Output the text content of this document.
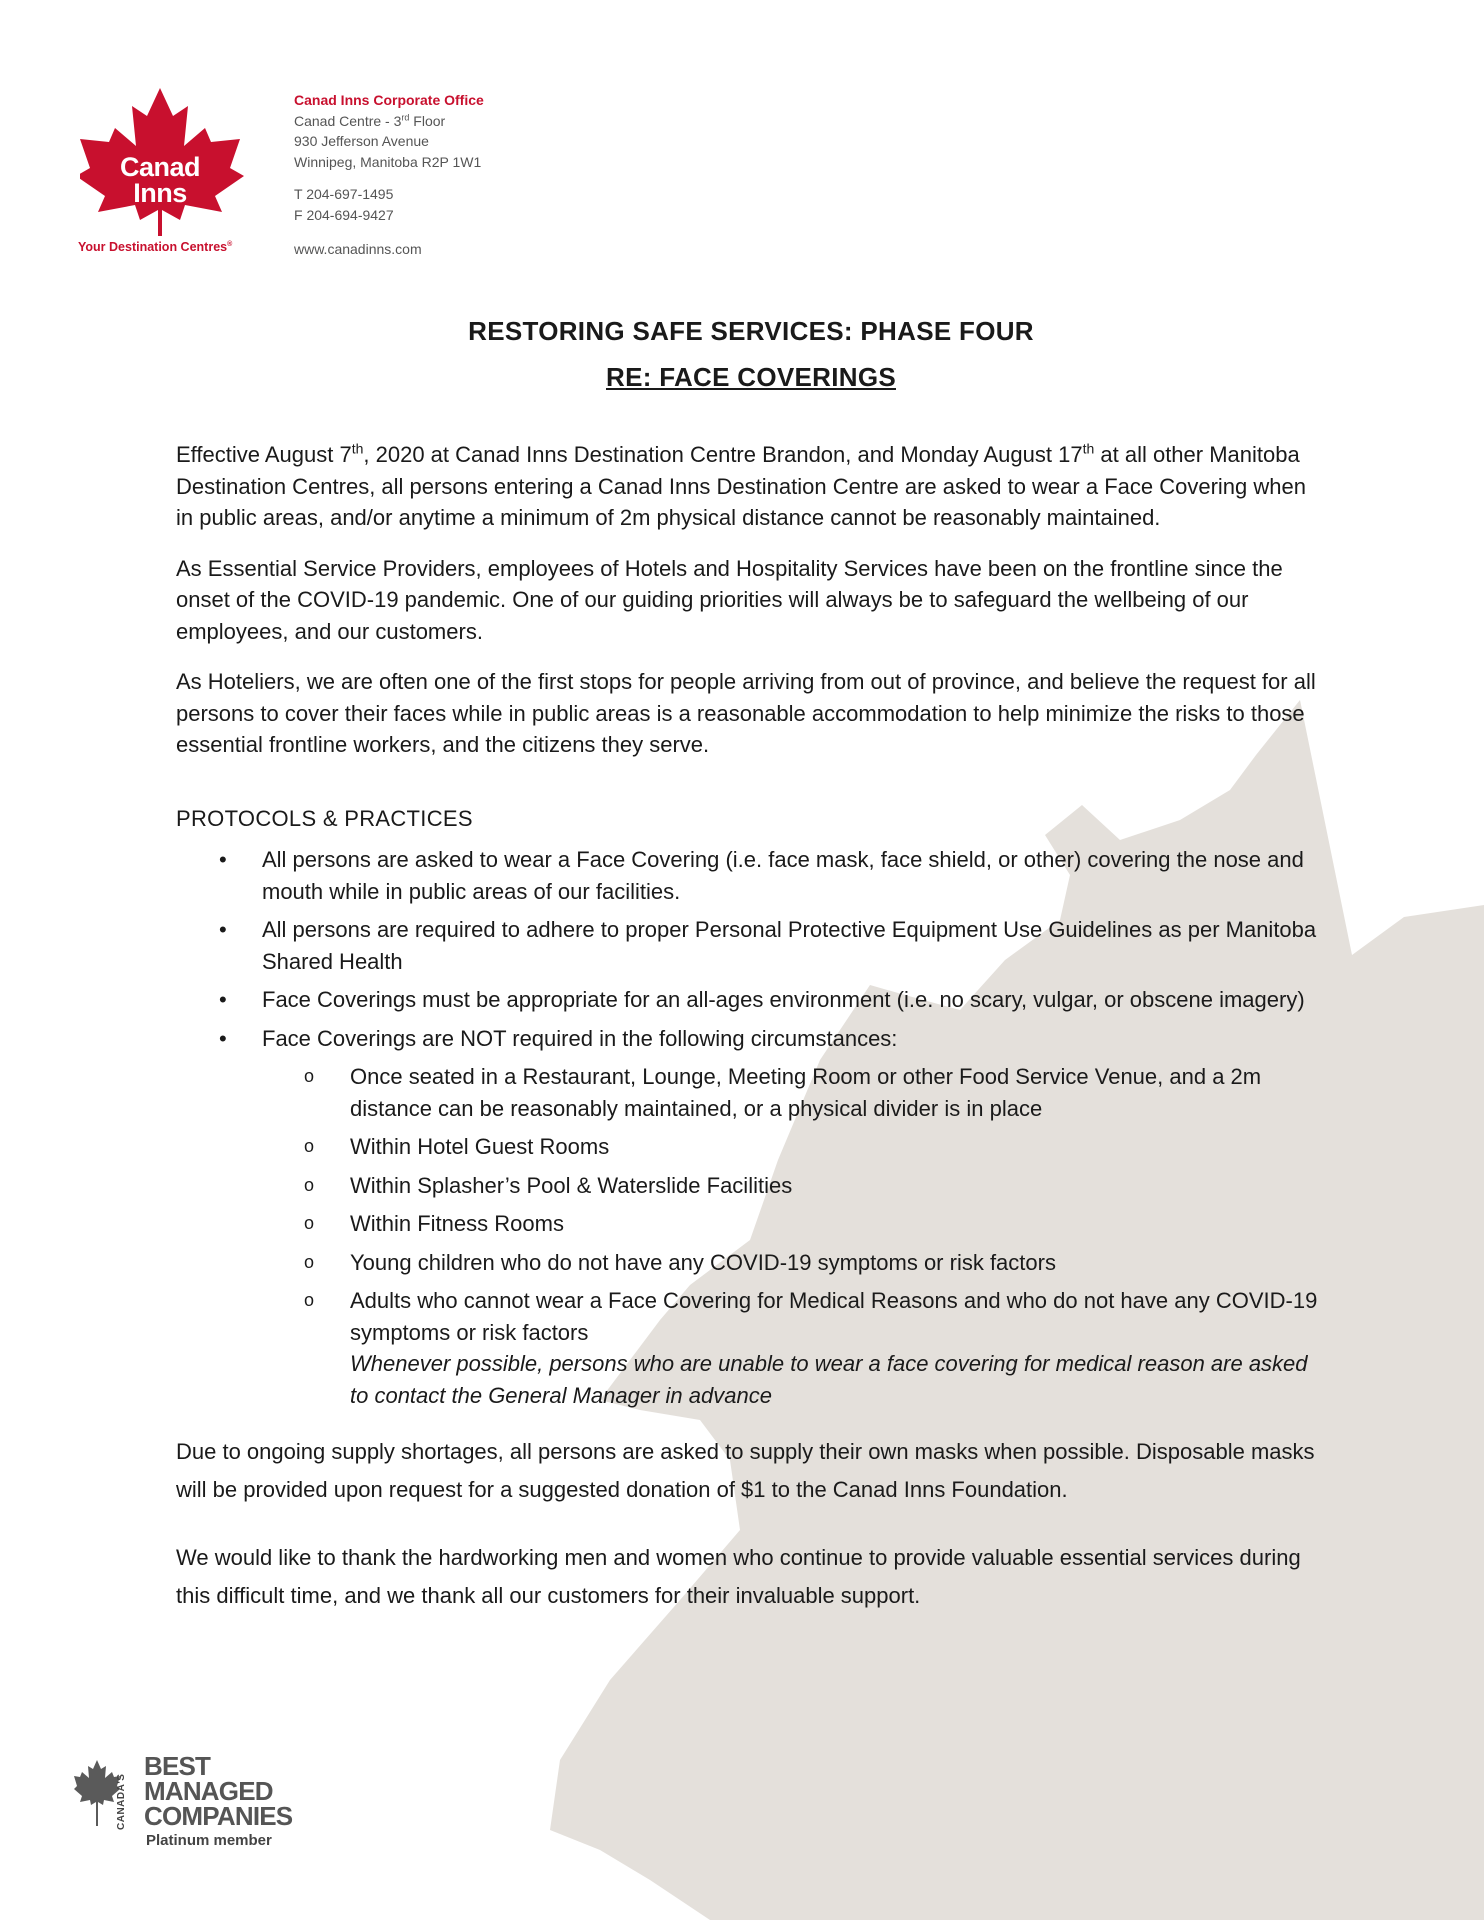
Canad
Inns
Your Destination Centres®
Canad Inns Corporate Office
Canad Centre - 3rd Floor
930 Jefferson Avenue
Winnipeg, Manitoba R2P 1W1
T 204-697-1495
F 204-694-9427
www.canadinns.com
RESTORING SAFE SERVICES: PHASE FOUR
RE: FACE COVERINGS

Effective August 7th, 2020 at Canad Inns Destination Centre Brandon, and Monday August 17th at all other Manitoba Destination Centres, all persons entering a Canad Inns Destination Centre are asked to wear a Face Covering when in public areas, and/or anytime a minimum of 2m physical distance cannot be reasonably maintained.

As Essential Service Providers, employees of Hotels and Hospitality Services have been on the frontline since the onset of the COVID-19 pandemic. One of our guiding priorities will always be to safeguard the wellbeing of our employees, and our customers.

As Hoteliers, we are often one of the first stops for people arriving from out of province, and believe the request for all persons to cover their faces while in public areas is a reasonable accommodation to help minimize the risks to those essential frontline workers, and the citizens they serve.

PROTOCOLS & PRACTICES
• All persons are asked to wear a Face Covering (i.e. face mask, face shield, or other) covering the nose and mouth while in public areas of our facilities.
• All persons are required to adhere to proper Personal Protective Equipment Use Guidelines as per Manitoba Shared Health
• Face Coverings must be appropriate for an all-ages environment (i.e. no scary, vulgar, or obscene imagery)
• Face Coverings are NOT required in the following circumstances:
o Once seated in a Restaurant, Lounge, Meeting Room or other Food Service Venue, and a 2m distance can be reasonably maintained, or a physical divider is in place
o Within Hotel Guest Rooms
o Within Splasher’s Pool & Waterslide Facilities
o Within Fitness Rooms
o Young children who do not have any COVID-19 symptoms or risk factors
o Adults who cannot wear a Face Covering for Medical Reasons and who do not have any COVID-19 symptoms or risk factors
Whenever possible, persons who are unable to wear a face covering for medical reason are asked to contact the General Manager in advance

Due to ongoing supply shortages, all persons are asked to supply their own masks when possible. Disposable masks will be provided upon request for a suggested donation of $1 to the Canad Inns Foundation.

We would like to thank the hardworking men and women who continue to provide valuable essential services during this difficult time, and we thank all our customers for their invaluable support.

CANADA'S
BEST
MANAGED
COMPANIES
Platinum member
